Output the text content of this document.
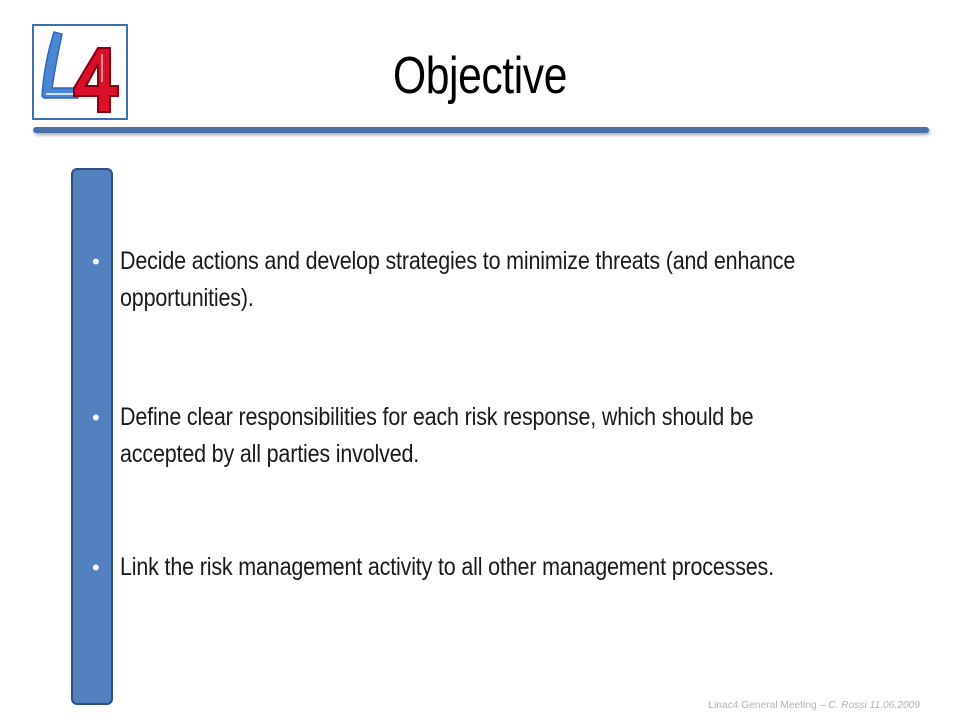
Objective
• Decide actions and develop strategies to minimize threats (and enhance opportunities).
• Define clear responsibilities for each risk response, which should be accepted by all parties involved.
• Link the risk management activity to all other management processes.
Linac4 General Meeting – C. Rossi 11.06.2009
